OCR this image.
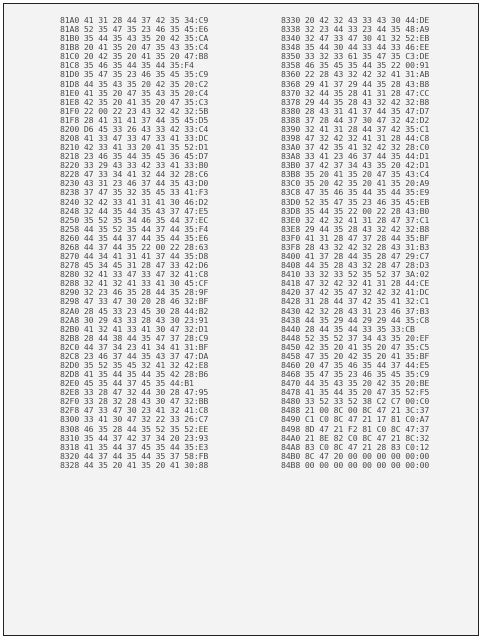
81A0 41 31 28 44 37 42 35 34:C9
81A8 52 35 47 35 23 46 35 45:E6
81B0 35 44 35 43 35 20 42 35:CA
81B8 20 41 35 20 47 35 43 35:C4
81C0 20 42 35 20 41 35 20 47:B8
81C8 35 46 35 44 35 44 35:F4
81D0 35 47 35 23 46 35 45 35:C9
81D8 44 35 43 35 20 42 35 20:C2
81E0 41 35 20 47 35 43 35 20:C4
81E8 42 35 20 41 35 20 47 35:C3
81F0 22 00 22 23 43 32 42 32:5B
81F8 28 41 31 41 37 44 35 45:D5
8200 D6 45 33 26 43 33 42 33:C4
8208 41 33 47 33 47 33 41 33:DC
8210 42 33 41 33 20 41 35 52:D1
8218 23 46 35 44 35 45 36 45:D7
8220 33 29 43 33 42 33 41 33:B0
8228 47 33 34 41 32 44 32 28:C6
8230 43 31 23 46 37 44 35 43:D0
8238 37 47 35 32 35 45 33 41:F3
8240 32 42 33 41 31 41 30 46:D2
8248 32 44 35 44 35 43 37 47:E5
8250 35 52 35 34 46 35 44 37:EC
8258 44 35 52 35 44 37 44 35:F4
8260 44 35 44 37 44 35 44 35:E6
8268 44 37 44 35 22 00 22 28:63
8270 44 34 41 31 41 37 44 35:D8
8278 45 34 45 31 28 47 33 42:D6
8280 32 41 33 47 33 47 32 41:C8
8288 32 41 32 41 33 41 30 45:CF
8290 32 23 46 35 28 44 35 28:9F
8298 47 33 47 30 20 28 46 32:BF
82A0 28 45 33 23 45 30 28 44:B2
82A8 30 29 43 33 28 43 30 23:91
82B0 41 32 41 33 41 30 47 32:D1
82B8 28 44 38 44 35 47 37 28:C9
82C0 44 37 34 23 41 34 41 31:BF
82C8 23 46 37 44 35 43 37 47:DA
82D0 35 52 35 45 32 41 32 42:E8
82D8 41 35 44 35 44 35 42 28:B6
82E0 45 35 44 37 45 35 44:B1
82E8 33 28 47 32 44 30 28 47:95
82F0 33 28 32 28 43 30 47 32:BB
82F8 47 33 47 30 23 41 32 41:C8
8300 33 41 30 47 32 22 33 26:C7
8308 46 35 28 44 35 52 35 52:EE
8310 35 44 37 42 37 34 20 23:93
8318 41 35 44 37 45 35 44 35:E3
8320 44 37 44 35 44 35 37 58:FB
8328 44 35 20 41 35 20 41 30:88
8330 20 42 32 43 33 43 30 44:DE
8338 32 23 44 33 23 44 35 48:A9
8340 32 47 33 47 30 41 32 52:EB
8348 35 44 30 44 33 44 33 46:EE
8350 33 32 33 61 35 47 35 C3:DE
8358 46 35 45 35 44 35 22 00:91
8360 22 28 43 32 42 32 41 31:AB
8368 29 41 37 29 44 35 28 43:B8
8370 32 44 35 28 41 31 28 47:CC
8378 29 44 35 28 43 32 42 32:B8
8380 28 43 31 41 37 44 35 47:D7
8388 37 28 44 37 30 47 32 42:D2
8390 32 41 31 28 44 37 42 35:C1
8398 47 32 42 32 41 31 28 44:C8
83A0 37 42 35 41 32 42 32 28:C0
83A8 33 41 23 46 37 44 35 44:D1
83B0 37 42 37 34 43 35 20 42:D1
83B8 35 20 41 35 20 47 35 43:C4
83C0 35 20 42 35 20 41 35 20:A9
83C8 47 35 46 35 44 35 44 35:E9
83D0 52 35 47 35 23 46 35 45:EB
83D8 35 44 35 22 00 22 28 43:B0
83E0 32 42 32 41 31 28 47 37:C1
83E8 29 44 35 28 43 32 42 32:B8
83F0 41 31 28 47 37 28 44 35:BF
83F8 28 43 32 42 32 28 43 31:B3
8400 41 37 28 44 35 28 47 29:C7
8408 44 35 28 43 32 28 47 28:D3
8410 33 32 33 52 35 52 37 3A:02
8418 47 32 42 32 41 31 28 44:CE
8420 37 42 35 47 32 42 32 41:DC
8428 31 28 44 37 42 35 41 32:C1
8430 42 32 28 43 31 23 46 37:B3
8438 44 35 29 44 29 29 44 35:C8
8440 28 44 35 44 33 35 33:CB
8448 52 35 52 37 34 43 35 20:EF
8450 42 35 20 41 35 20 47 35:C5
8458 47 35 20 42 35 20 41 35:BF
8460 20 47 35 46 35 44 37 44:E5
8468 35 47 35 23 46 35 45 35:C9
8470 44 35 43 35 20 42 35 20:BE
8478 41 35 44 35 20 47 35 52:F5
8480 33 52 33 52 38 C2 C7 00:C0
8488 21 00 8C 00 8C 47 21 3C:37
8490 C1 C0 8C 47 21 17 81 C0:A7
8498 8D 47 21 F2 81 C0 8C 47:37
84A0 21 8E 82 C0 8C 47 21 8C:32
84A8 83 C0 8C 47 21 28 83 C0:12
84B0 8C 47 20 00 00 00 00 00:00
84B8 00 00 00 00 00 00 00 00:00
